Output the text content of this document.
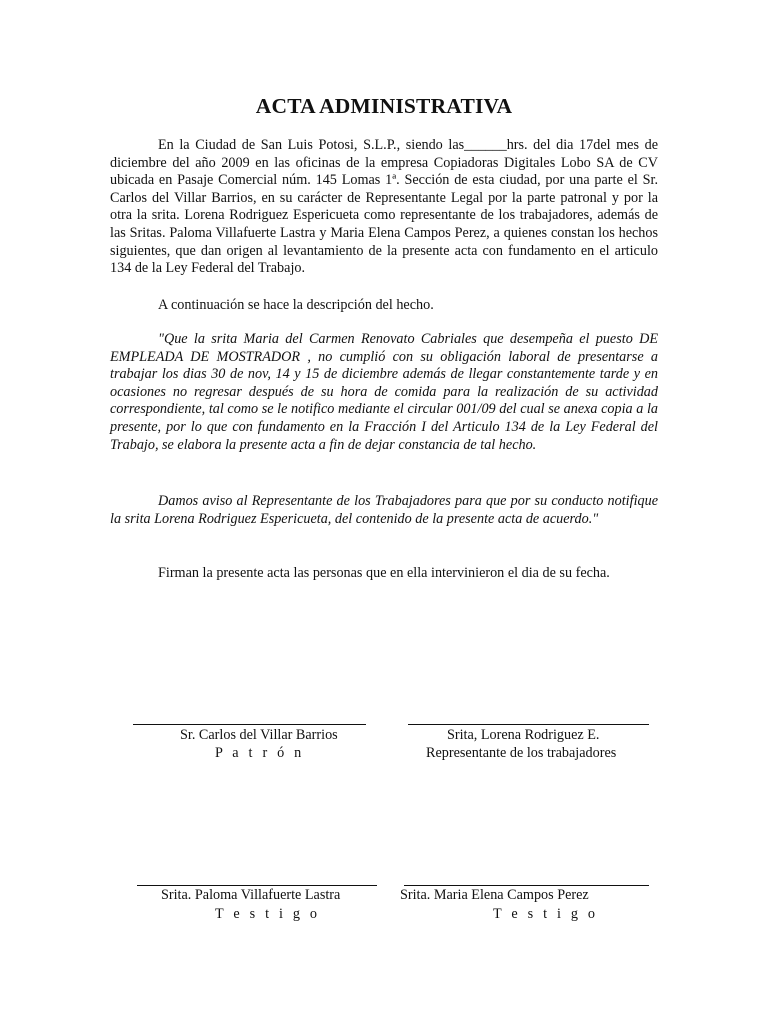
ACTA ADMINISTRATIVA

En la Ciudad de San Luis Potosi, S.L.P., siendo las______hrs. del dia 17del mes de diciembre del año 2009 en las oficinas de la empresa Copiadoras Digitales Lobo SA de CV ubicada en Pasaje Comercial núm. 145 Lomas 1ª. Sección de esta ciudad, por una parte el Sr. Carlos del Villar Barrios, en su carácter de Representante Legal por la parte patronal y por la otra la srita. Lorena Rodriguez Espericueta como representante de los trabajadores, además de las Sritas. Paloma Villafuerte Lastra y Maria Elena Campos Perez, a quienes constan los hechos siguientes, que dan origen al levantamiento de la presente acta con fundamento en el articulo 134 de la Ley Federal del Trabajo.

A continuación se hace la descripción del hecho.

"Que la srita Maria del Carmen Renovato Cabriales que desempeña el puesto DE EMPLEADA DE MOSTRADOR , no cumplió con su obligación laboral de presentarse a trabajar los dias 30 de nov, 14 y 15 de diciembre además de llegar constantemente tarde y en ocasiones no regresar después de su hora de comida para la realización de su actividad correspondiente, tal como se le notifico mediante el circular 001/09 del cual se anexa copia a la presente, por lo que con fundamento en la Fracción I del Articulo 134 de la Ley Federal del Trabajo, se elabora la presente acta a fin de dejar constancia de tal hecho.

Damos aviso al Representante de los Trabajadores para que por su conducto notifique la srita Lorena Rodriguez Espericueta, del contenido de la presente acta de acuerdo."

Firman la presente acta las personas que en ella intervinieron el dia de su fecha.

Sr. Carlos del Villar Barrios

P a t r ó n

Srita, Lorena Rodriguez E.

Representante de los trabajadores

Srita. Paloma Villafuerte Lastra

T e s t i g o

Srita. Maria Elena Campos Perez

T e s t i g o
